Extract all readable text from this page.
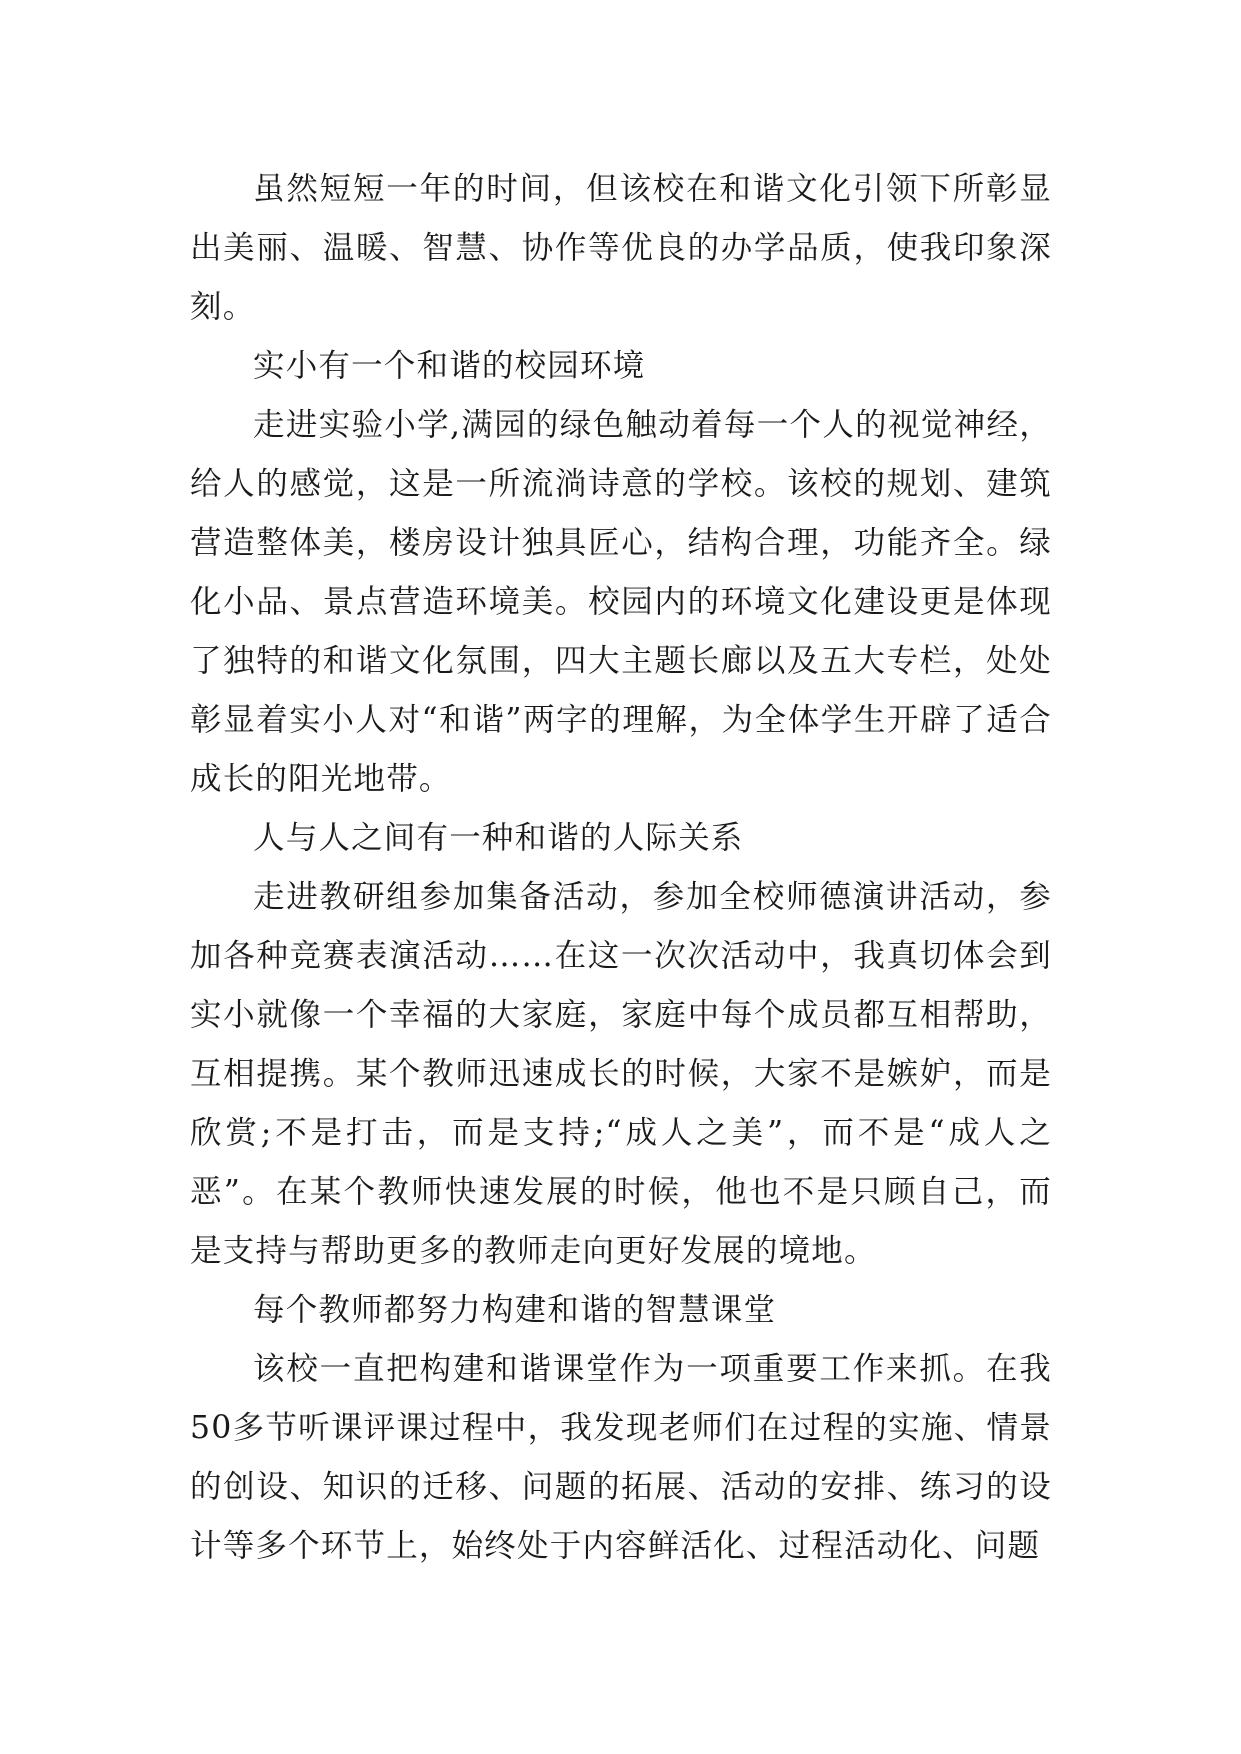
虽然短短一年的时间，但该校在和谐文化引领下所彰显出美丽、温暖、智慧、协作等优良的办学品质，使我印象深刻。

实小有一个和谐的校园环境

走进实验小学,满园的绿色触动着每一个人的视觉神经，给人的感觉，这是一所流淌诗意的学校。该校的规划、建筑营造整体美，楼房设计独具匠心，结构合理，功能齐全。绿化小品、景点营造环境美。校园内的环境文化建设更是体现了独特的和谐文化氛围，四大主题长廊以及五大专栏，处处彰显着实小人对“和谐”两字的理解，为全体学生开辟了适合成长的阳光地带。

人与人之间有一种和谐的人际关系

走进教研组参加集备活动，参加全校师德演讲活动，参加各种竞赛表演活动……在这一次次活动中，我真切体会到实小就像一个幸福的大家庭，家庭中每个成员都互相帮助，互相提携。某个教师迅速成长的时候，大家不是嫉妒，而是欣赏;不是打击，而是支持;“成人之美”，而不是“成人之恶”。在某个教师快速发展的时候，他也不是只顾自己，而是支持与帮助更多的教师走向更好发展的境地。

每个教师都努力构建和谐的智慧课堂

该校一直把构建和谐课堂作为一项重要工作来抓。在我50多节听课评课过程中，我发现老师们在过程的实施、情景的创设、知识的迁移、问题的拓展、活动的安排、练习的设计等多个环节上，始终处于内容鲜活化、过程活动化、问题
